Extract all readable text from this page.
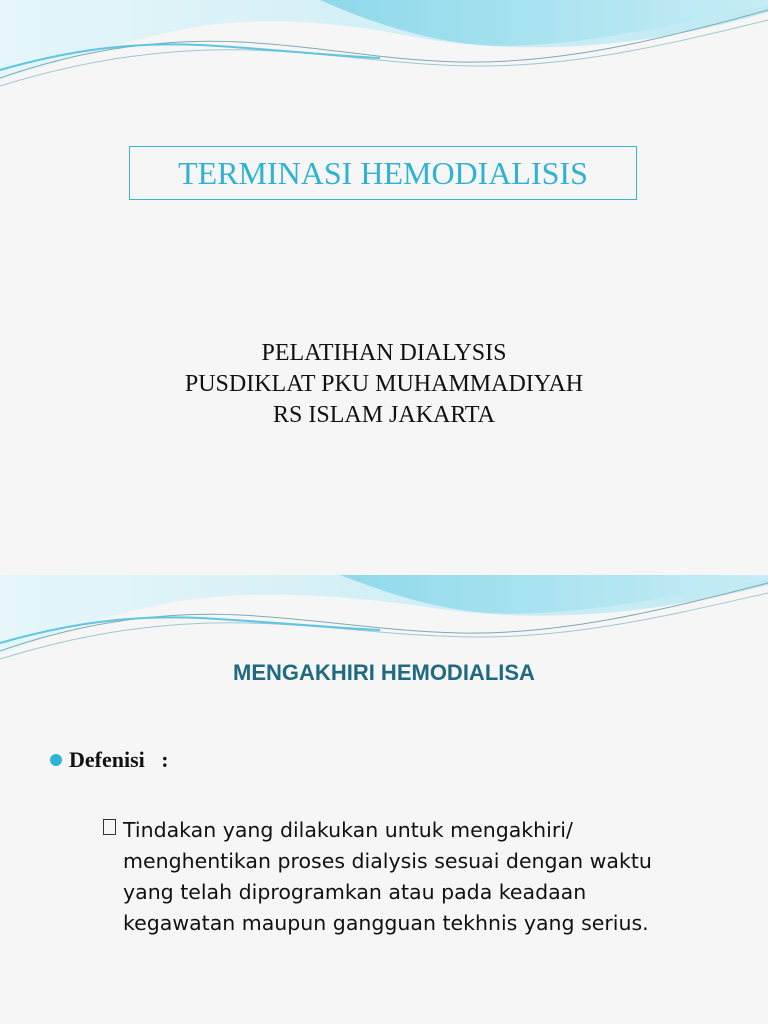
TERMINASI HEMODIALISIS
PELATIHAN DIALYSIS
PUSDIKLAT PKU MUHAMMADIYAH
RS ISLAM JAKARTA
MENGAKHIRI HEMODIALISA
Defenisi   :
Tindakan yang dilakukan untuk mengakhiri/
menghentikan proses dialysis sesuai dengan waktu
yang telah diprogramkan atau pada keadaan
kegawatan maupun gangguan tekhnis yang serius.
